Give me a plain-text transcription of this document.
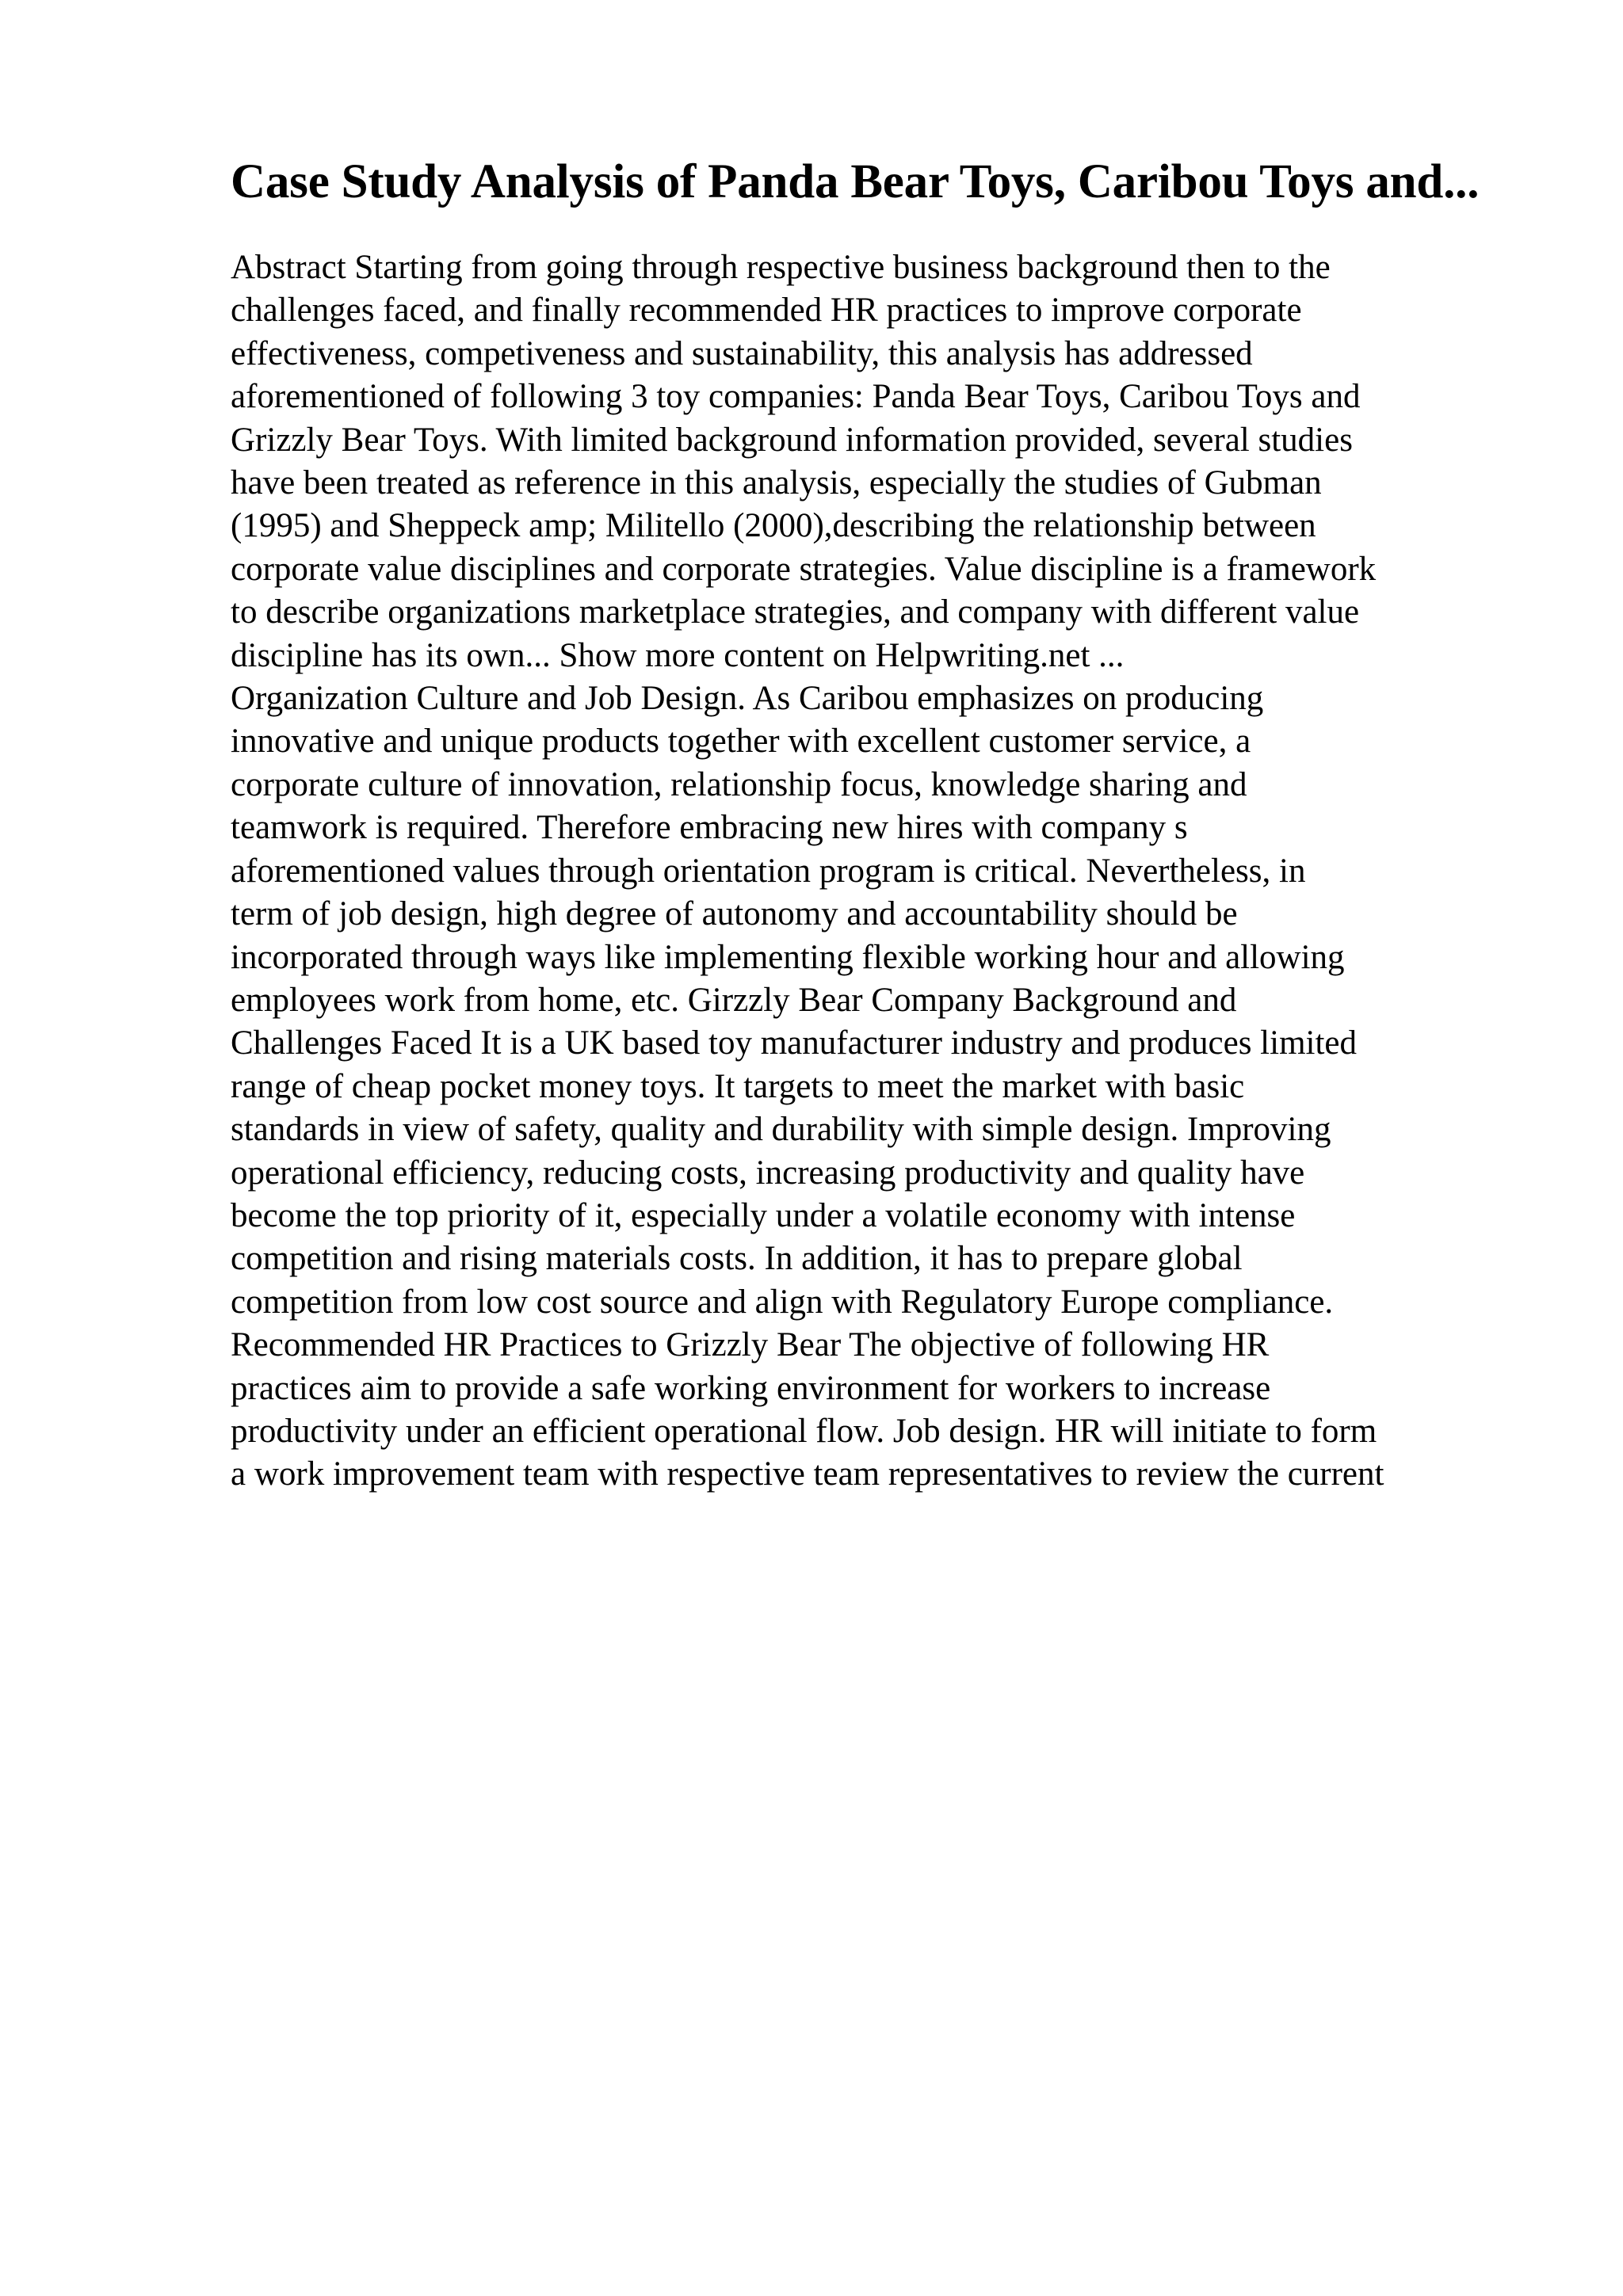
Case Study Analysis of Panda Bear Toys, Caribou Toys and...
Abstract Starting from going through respective business background then to the
challenges faced, and finally recommended HR practices to improve corporate
effectiveness, competiveness and sustainability, this analysis has addressed
aforementioned of following 3 toy companies: Panda Bear Toys, Caribou Toys and
Grizzly Bear Toys. With limited background information provided, several studies
have been treated as reference in this analysis, especially the studies of Gubman
(1995) and Sheppeck amp; Militello (2000),describing the relationship between
corporate value disciplines and corporate strategies. Value discipline is a framework
to describe organizations marketplace strategies, and company with different value
discipline has its own... Show more content on Helpwriting.net ...
Organization Culture and Job Design. As Caribou emphasizes on producing
innovative and unique products together with excellent customer service, a
corporate culture of innovation, relationship focus, knowledge sharing and
teamwork is required. Therefore embracing new hires with company s
aforementioned values through orientation program is critical. Nevertheless, in
term of job design, high degree of autonomy and accountability should be
incorporated through ways like implementing flexible working hour and allowing
employees work from home, etc. Girzzly Bear Company Background and
Challenges Faced It is a UK based toy manufacturer industry and produces limited
range of cheap pocket money toys. It targets to meet the market with basic
standards in view of safety, quality and durability with simple design. Improving
operational efficiency, reducing costs, increasing productivity and quality have
become the top priority of it, especially under a volatile economy with intense
competition and rising materials costs. In addition, it has to prepare global
competition from low cost source and align with Regulatory Europe compliance.
Recommended HR Practices to Grizzly Bear The objective of following HR
practices aim to provide a safe working environment for workers to increase
productivity under an efficient operational flow. Job design. HR will initiate to form
a work improvement team with respective team representatives to review the current
